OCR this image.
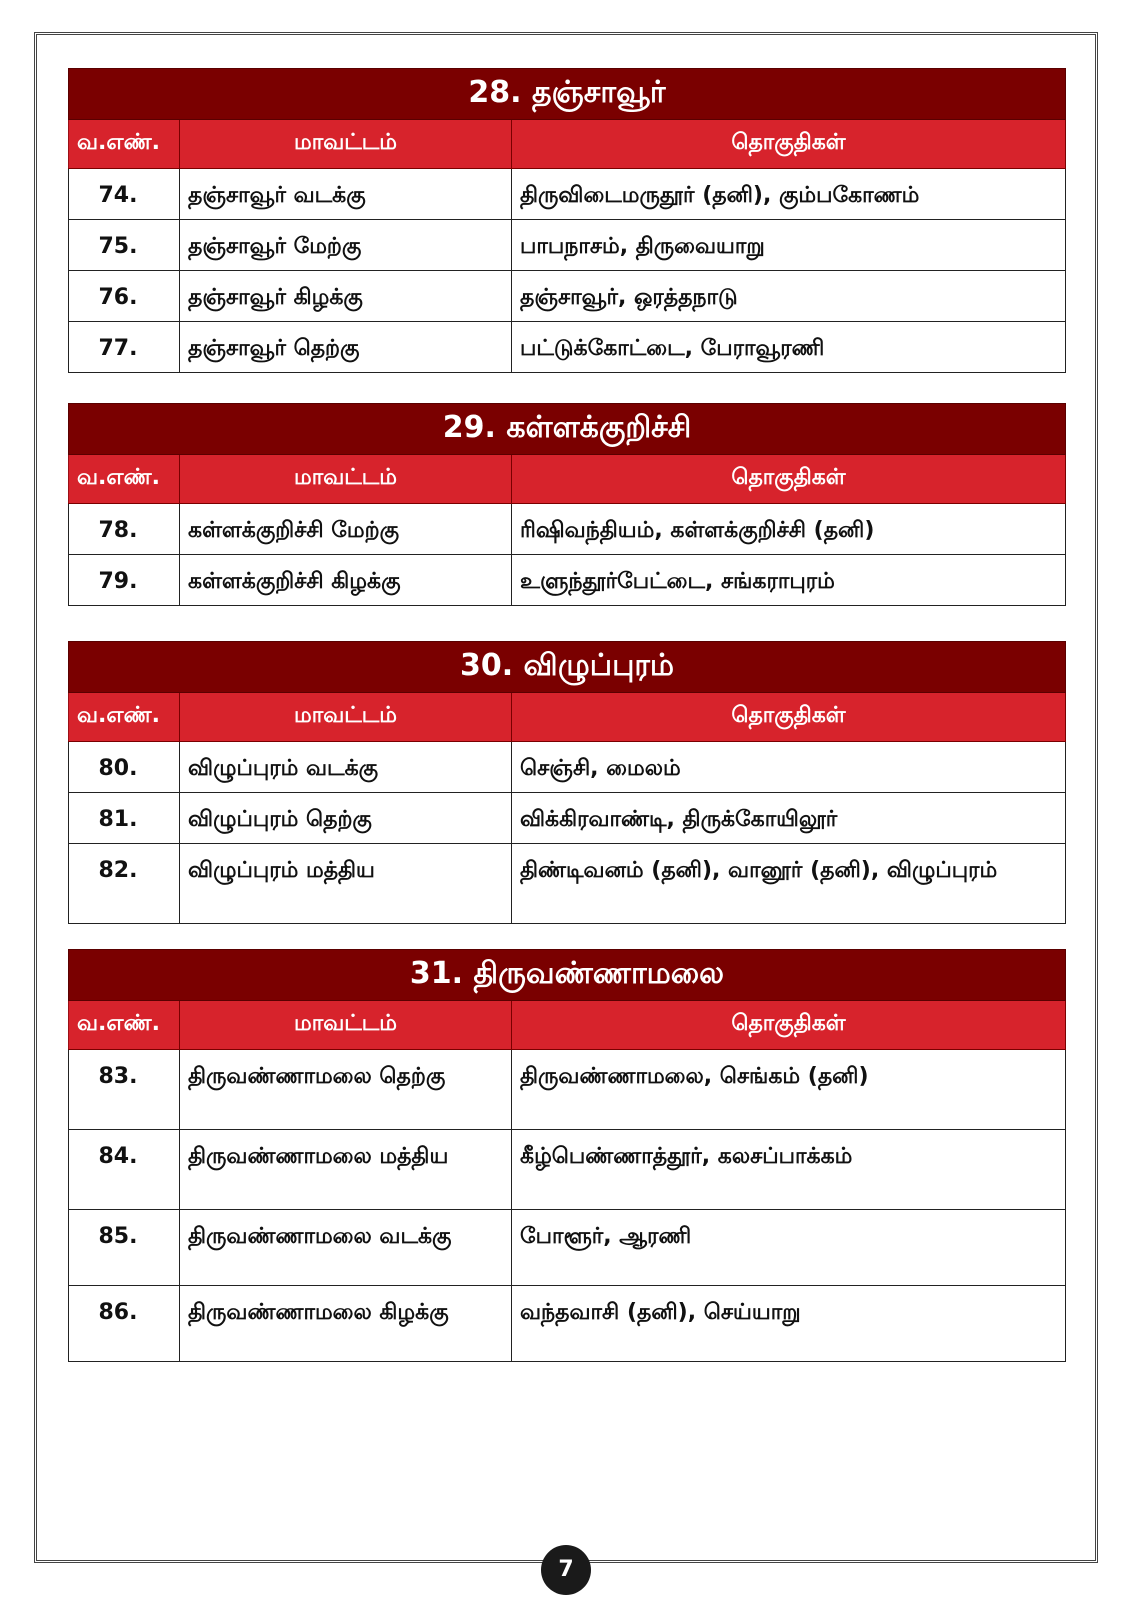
28. தஞ்சாவூர்		
வ.எண்.	மாவட்டம்	தொகுதிகள்
74.	தஞ்சாவூர் வடக்கு	திருவிடைமருதூர் (தனி), கும்பகோணம்
75.	தஞ்சாவூர் மேற்கு	பாபநாசம், திருவையாறு
76.	தஞ்சாவூர் கிழக்கு	தஞ்சாவூர், ஒரத்தநாடு
77.	தஞ்சாவூர் தெற்கு	பட்டுக்கோட்டை, பேராவூரணி
29. கள்ளக்குறிச்சி		
வ.எண்.	மாவட்டம்	தொகுதிகள்
78.	கள்ளக்குறிச்சி மேற்கு	ரிஷிவந்தியம், கள்ளக்குறிச்சி (தனி)
79.	கள்ளக்குறிச்சி கிழக்கு	உளுந்தூர்பேட்டை, சங்கராபுரம்
30. விழுப்புரம்		
வ.எண்.	மாவட்டம்	தொகுதிகள்
80.	விழுப்புரம் வடக்கு	செஞ்சி, மைலம்
81.	விழுப்புரம் தெற்கு	விக்கிரவாண்டி, திருக்கோயிலூர்
82.	விழுப்புரம் மத்திய	திண்டிவனம் (தனி), வானூர் (தனி), விழுப்புரம்
31. திருவண்ணாமலை		
வ.எண்.	மாவட்டம்	தொகுதிகள்
83.	திருவண்ணாமலை தெற்கு	திருவண்ணாமலை, செங்கம் (தனி)
84.	திருவண்ணாமலை மத்திய	கீழ்பெண்ணாத்தூர், கலசப்பாக்கம்
85.	திருவண்ணாமலை வடக்கு	போளூர், ஆரணி
86.	திருவண்ணாமலை கிழக்கு	வந்தவாசி (தனி), செய்யாறு
7
